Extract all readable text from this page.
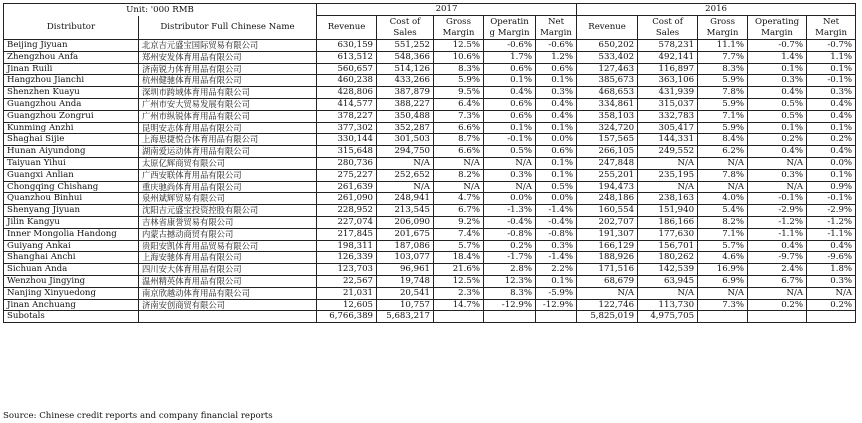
Unit: '000 RMB		2017					2016				
Distributor	Distributor Full Chinese Name	Revenue	Cost of Sales	Gross Margin	Operatin g Margin	Net Margin	Revenue	Cost of Sales	Gross Margin	Operating Margin	Net Margin
Beijing Jiyuan	北京吉元盛宝国际贸易有限公司	630,159	551,252	12.5%	-0.6%	-0.6%	650,202	578,231	11.1%	-0.7%	-0.7%
Zhengzhou Anfa	郑州安发体育用品有限公司	613,512	548,366	10.6%	1.7%	1.2%	533,402	492,141	7.7%	1.4%	1.1%
Jinan Ruili	济南锐力体育用品有限公司	560,657	514,126	8.3%	0.6%	0.6%	127,463	116,897	8.3%	0.1%	0.1%
Hangzhou Jianchi	杭州健驰体育用品有限公司	460,238	433,266	5.9%	0.1%	0.1%	385,673	363,106	5.9%	0.3%	-0.1%
Shenzhen Kuayu	深圳市跨域体育用品有限公司	428,806	387,879	9.5%	0.4%	0.3%	468,653	431,939	7.8%	0.4%	0.3%
Guangzhou Anda	广州市安大贸易发展有限公司	414,577	388,227	6.4%	0.6%	0.4%	334,861	315,037	5.9%	0.5%	0.4%
Guangzhou Zongrui	广州市纵锐体育用品有限公司	378,227	350,488	7.3%	0.6%	0.4%	358,103	332,783	7.1%	0.5%	0.4%
Kunming Anzhi	昆明安志体育用品有限公司	377,302	352,287	6.6%	0.1%	0.1%	324,720	305,417	5.9%	0.1%	0.1%
Shaghai Sijie	上海思捷悦合体育用品有限公司	330,144	301,503	8.7%	-0.1%	0.0%	157,565	144,331	8.4%	0.2%	0.2%
Hunan Aiyundong	湖南爱运动体育用品有限公司	315,648	294,750	6.6%	0.5%	0.6%	266,105	249,552	6.2%	0.4%	0.4%
Taiyuan Yihui	太原亿辉商贸有限公司	280,736	N/A	N/A	N/A	0.1%	247,848	N/A	N/A	N/A	0.0%
Guangxi Anlian	广西安联体育用品有限公司	275,227	252,652	8.2%	0.3%	0.1%	255,201	235,195	7.8%	0.3%	0.1%
Chongqing Chishang	重庆驰尚体育用品有限公司	261,639	N/A	N/A	N/A	0.5%	194,473	N/A	N/A	N/A	0.9%
Quanzhou Binhui	泉州斌辉贸易有限公司	261,090	248,941	4.7%	0.0%	0.0%	248,186	238,163	4.0%	-0.1%	-0.1%
Shenyang Jiyuan	沈阳吉元盛宝投资控股有限公司	228,952	213,545	6.7%	-1.3%	-1.4%	160,554	151,940	5.4%	-2.9%	-2.9%
Jilin Kangyu	吉林省康誉贸易有限公司	227,074	206,090	9.2%	-0.4%	-0.4%	202,707	186,166	8.2%	-1.2%	-1.2%
Inner Mongolia Handong	内蒙古撼动商贸有限公司	217,845	201,675	7.4%	-0.8%	-0.8%	191,307	177,630	7.1%	-1.1%	-1.1%
Guiyang Ankai	贵阳安凯体育用品贸易有限公司	198,311	187,086	5.7%	0.2%	0.3%	166,129	156,701	5.7%	0.4%	0.4%
Shanghai Anchi	上海安驰体育用品有限公司	126,339	103,077	18.4%	-1.7%	-1.4%	188,926	180,262	4.6%	-9.7%	-9.6%
Sichuan Anda	四川安大体育用品有限公司	123,703	96,961	21.6%	2.8%	2.2%	171,516	142,539	16.9%	2.4%	1.8%
Wenzhou Jingying	温州精英体育用品有限公司	22,567	19,748	12.5%	12.3%	0.1%	68,679	63,945	6.9%	6.7%	0.3%
Nanjing Xinyuedong	南京欣越动体育用品有限公司	21,031	20,541	2.3%	8.3%	-5.9%	N/A	N/A	N/A	N/A	N/A
Jinan Anchuang	济南安创商贸有限公司	12,605	10,757	14.7%	-12.9%	-12.9%	122,746	113,730	7.3%	0.2%	0.2%
Subotals		6,766,389	5,683,217				5,825,019	4,975,705			
Source: Chinese credit reports and company financial reports
